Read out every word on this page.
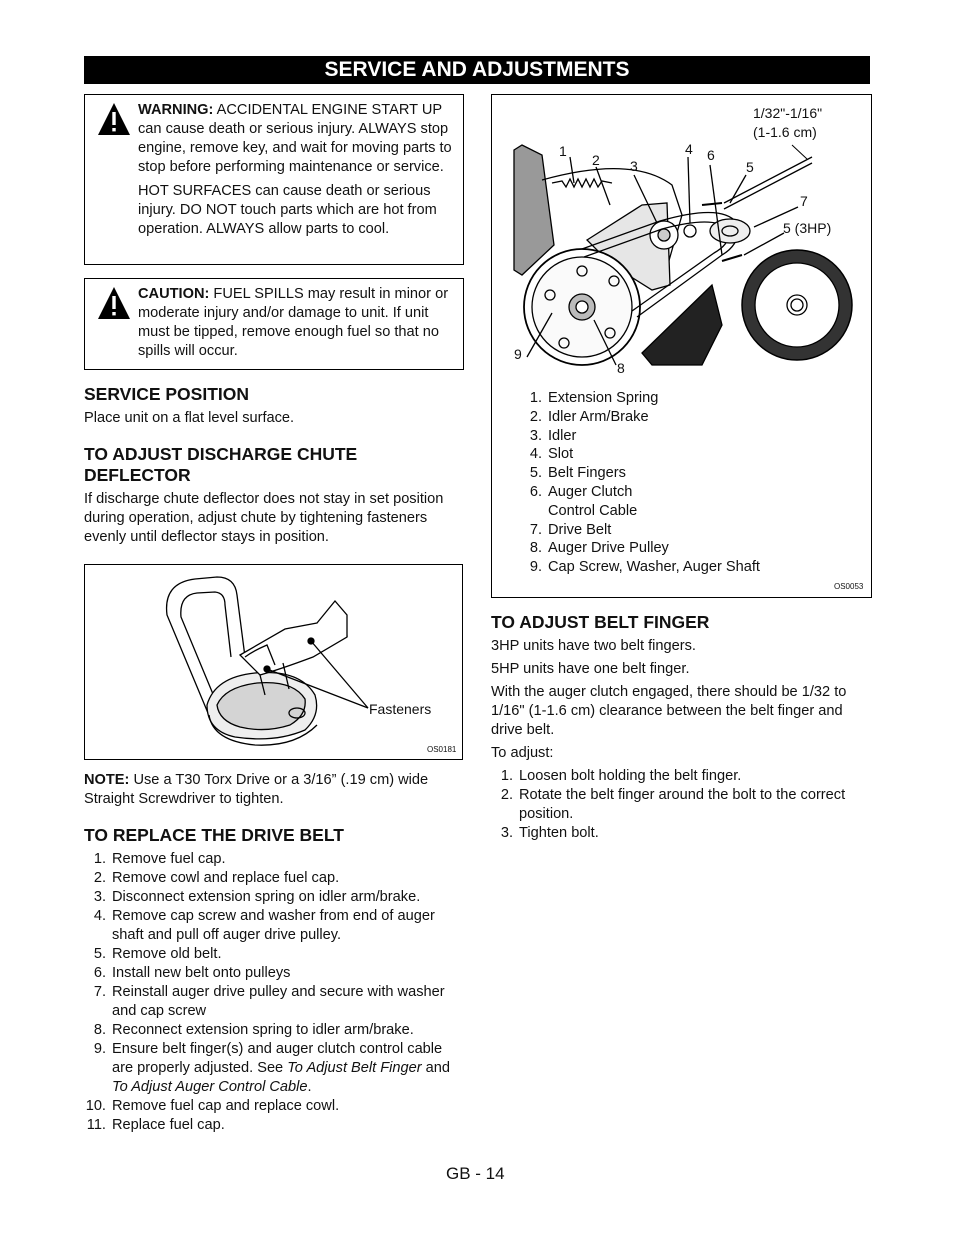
SERVICE AND ADJUSTMENTS

WARNING: ACCIDENTAL ENGINE START UP can cause death or serious injury. ALWAYS stop engine, remove key, and wait for moving parts to stop before performing maintenance or service.

HOT SURFACES can cause death or serious injury. DO NOT touch parts which are hot from operation. ALWAYS allow parts to cool.

CAUTION: FUEL SPILLS may result in minor or moderate injury and/or damage to unit. If unit must be tipped, remove enough fuel so that no spills will occur.

SERVICE POSITION

Place unit on a flat level surface.

TO ADJUST DISCHARGE CHUTE DEFLECTOR

If discharge chute deflector does not stay in set position during operation, adjust chute by tightening fasteners evenly until deflector stays in position.

Fasteners
OS0181

NOTE: Use a T30 Torx Drive or a 3/16” (.19 cm) wide Straight Screwdriver to tighten.

TO REPLACE THE DRIVE BELT
1. Remove fuel cap.
2. Remove cowl and replace fuel cap.
3. Disconnect extension spring on idler arm/brake.
4. Remove cap screw and washer from end of auger shaft and pull off auger drive pulley.
5. Remove old belt.
6. Install new belt onto pulleys
7. Reinstall auger drive pulley and secure with washer and cap screw
8. Reconnect extension spring to idler arm/brake.
9. Ensure belt finger(s) and auger clutch control cable are properly adjusted. See To Adjust Belt Finger and To Adjust Auger Control Cable.
10. Remove fuel cap and replace cowl.
11. Replace fuel cap.
1/32"-1/16"
(1-1.6 cm)
1
2 3
4 6
5
7
5 (3HP)
9
8
1. Extension Spring
2. Idler Arm/Brake
3. Idler
4. Slot
5. Belt Fingers
6. Auger Clutch
Control Cable
7. Drive Belt
8. Auger Drive Pulley
9. Cap Screw, Washer, Auger Shaft
OS0053
TO ADJUST BELT FINGER

3HP units have two belt fingers.

5HP units have one belt finger.

With the auger clutch engaged, there should be 1/32 to 1/16" (1-1.6 cm) clearance between the belt finger and drive belt.

To adjust:

1. Loosen bolt holding the belt finger.
2. Rotate the belt finger around the bolt to the correct position.
3. Tighten bolt.
GB - 14
